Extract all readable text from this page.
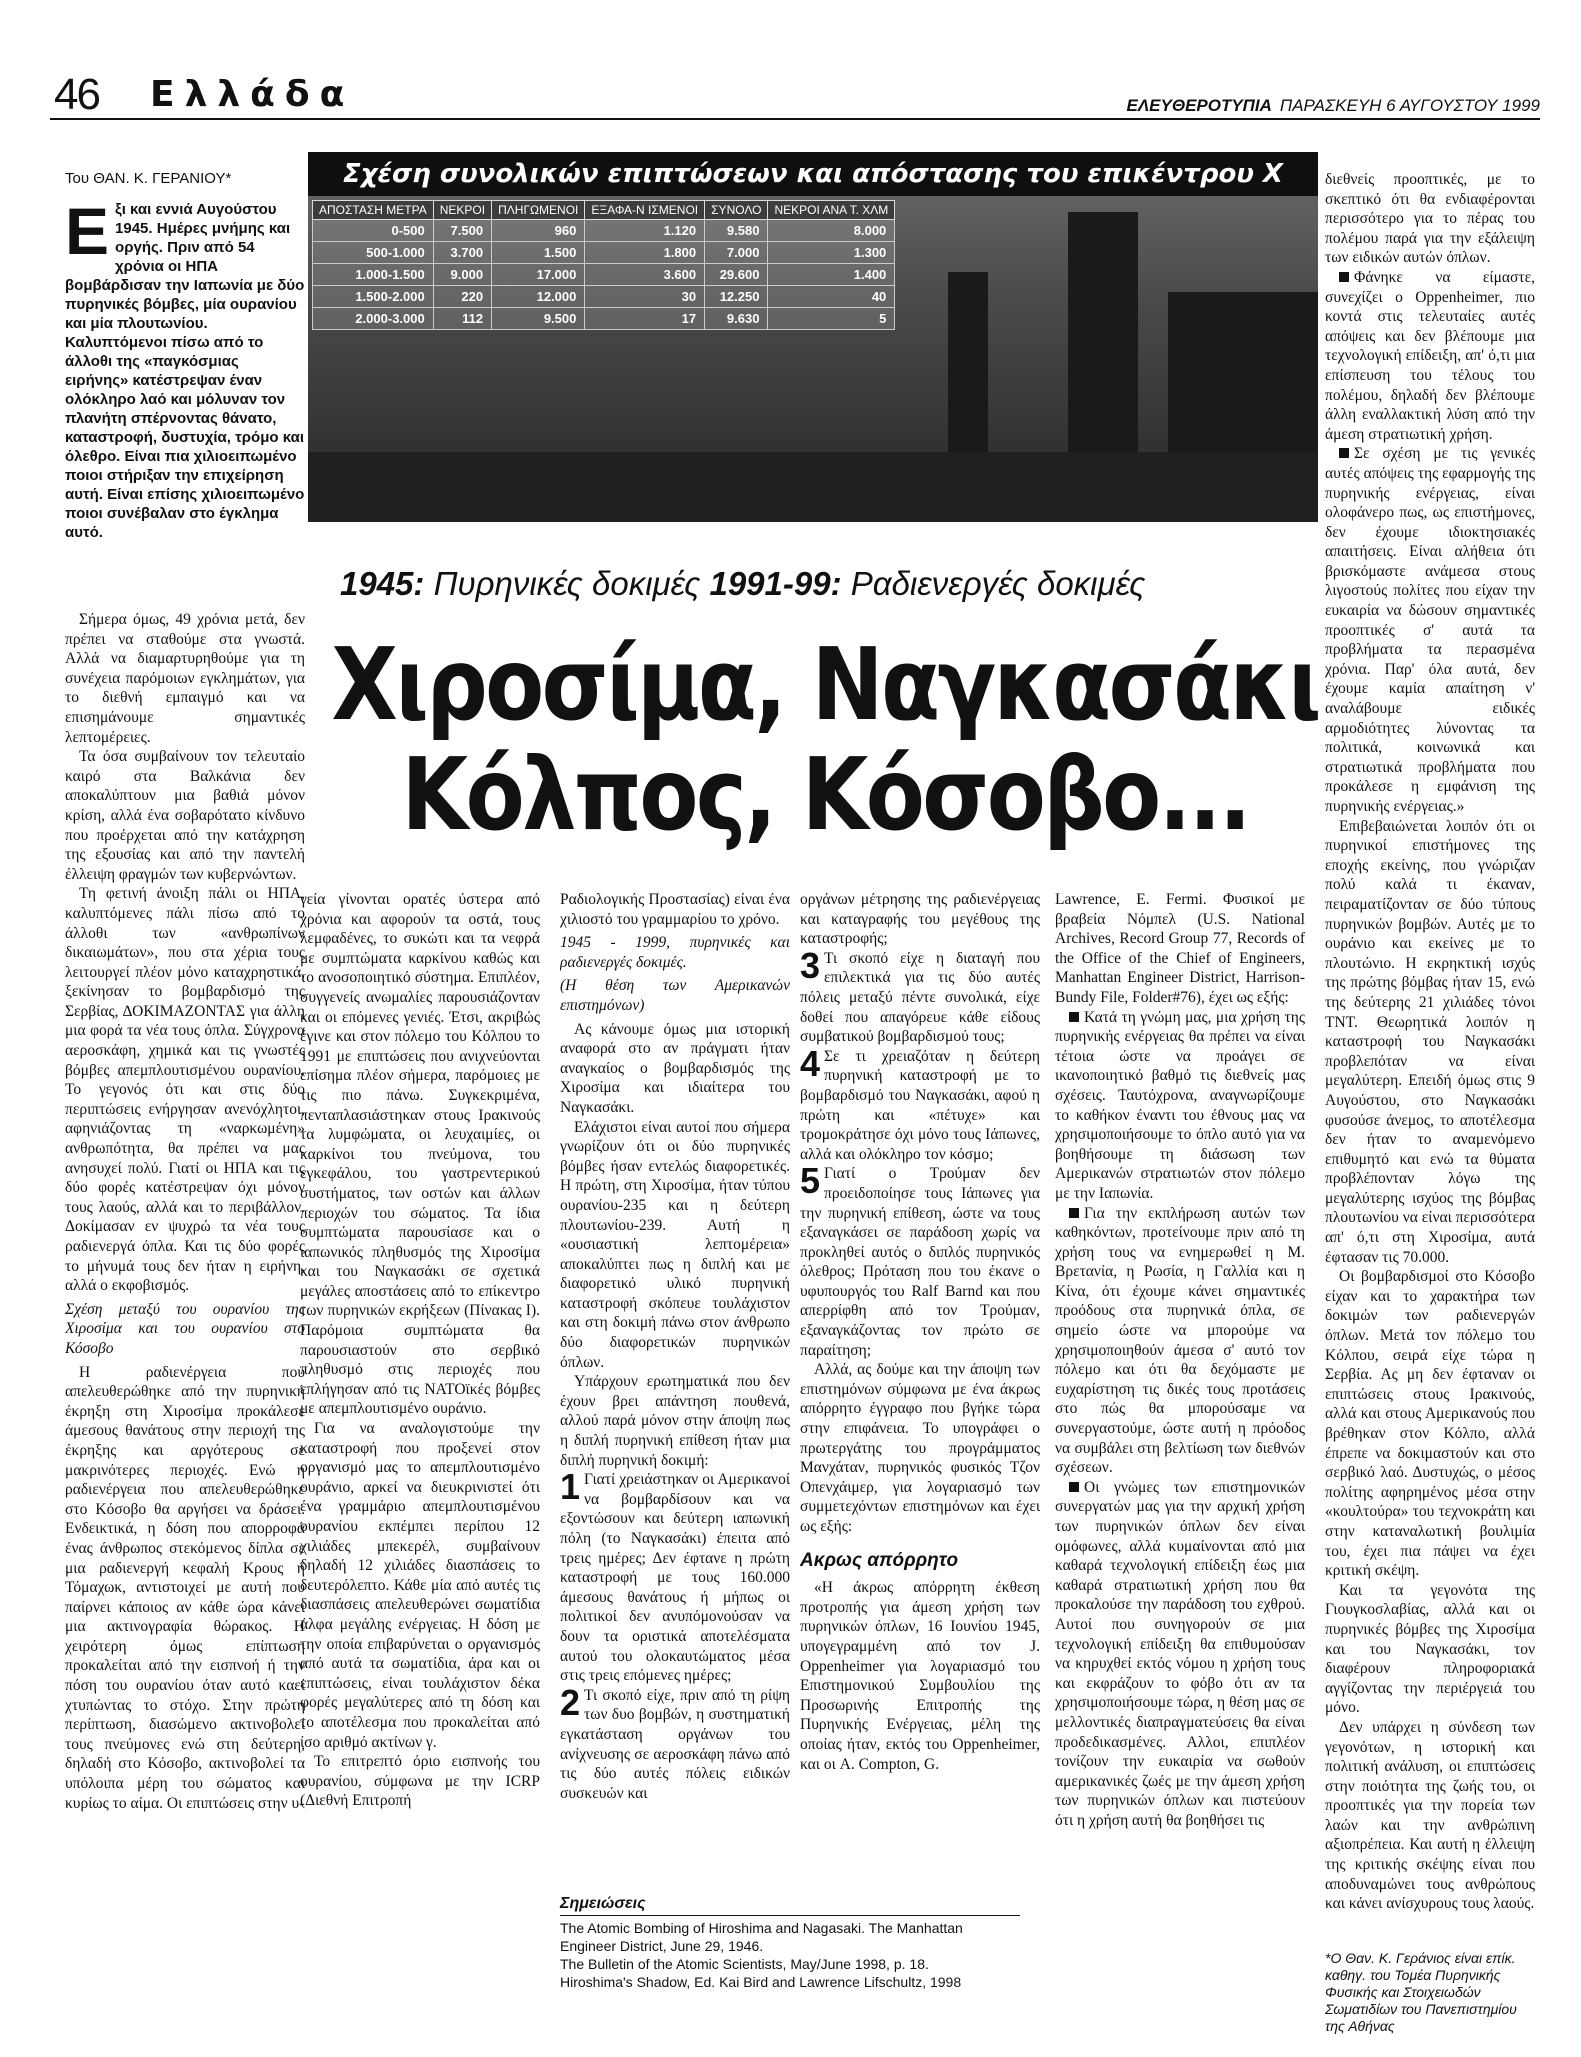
46 Ελλάδα	ΕΛΕΥΘΕΡΟΤΥΠΙΑ ΠΑΡΑΣΚΕΥΗ 6 ΑΥΓΟΥΣΤΟΥ 1999
Του ΘΑΝ. Κ. ΓΕΡΑΝΙΟΥ*
Εξι και εννιά Αυγούστου 1945. Ημέρες μνήμης και οργής. Πριν από 54 χρόνια οι ΗΠΑ βομβάρδισαν την Ιαπωνία με δύο πυρηνικές βόμβες, μία ουρανίου και μία πλουτωνίου. Καλυπτόμενοι πίσω από το άλλοθι της «παγκόσμιας ειρήνης» κατέστρεψαν έναν ολόκληρο λαό και μόλυναν τον πλανήτη σπέρνοντας θάνατο, καταστροφή, δυστυχία, τρόμο και όλεθρο. Είναι πια χιλιοειπωμένο ποιοι στήριξαν την επιχείρηση αυτή. Είναι επίσης χιλιοειπωμένο ποιοι συνέβαλαν στο έγκλημα αυτό.
Σχέση συνολικών επιπτώσεων και απόστασης του επικέντρου Χ
ΑΠΟΣΤΑΣΗ ΜΕΤΡΑ	ΝΕΚΡΟΙ	ΠΛΗΓΩΜΕΝΟΙ	ΕΞΑΦΑ-Ν ΙΣΜΕΝΟΙ	ΣΥΝΟΛΟ	ΝΕΚΡΟΙ ΑΝΑ Τ. ΧΛΜ
0-500	7.500	960	1.120	9.580	8.000
500-1.000	3.700	1.500	1.800	7.000	1.300
1.000-1.500	9.000	17.000	3.600	29.600	1.400
1.500-2.000	220	12.000	30	12.250	40
2.000-3.000	112	9.500	17	9.630	5
1945: Πυρηνικές δοκιμές 1991-99: Ραδιενεργές δοκιμές
Χιροσίμα, Ναγκασάκι
Κόλπος, Κόσοβο...

Σήμερα όμως, 49 χρόνια μετά, δεν πρέπει να σταθούμε στα γνωστά. Αλλά να διαμαρτυρηθούμε για τη συνέχεια παρόμοιων εγκλημάτων, για το διεθνή εμπαιγμό και να επισημάνουμε σημαντικές λεπτομέρειες.

Τα όσα συμβαίνουν τον τελευταίο καιρό στα Βαλκάνια δεν αποκαλύπτουν μια βαθιά μόνον κρίση, αλλά ένα σοβαρότατο κίνδυνο που προέρχεται από την κατάχρηση της εξουσίας και από την παντελή έλλειψη φραγμών των κυβερνώντων.

Τη φετινή άνοιξη πάλι οι ΗΠΑ, καλυπτόμενες πάλι πίσω από το άλλοθι των «ανθρωπίνων δικαιωμάτων», που στα χέρια τους λειτουργεί πλέον μόνο καταχρηστικά, ξεκίνησαν το βομβαρδισμό της Σερβίας, ΔΟΚΙΜΑΖΟΝΤΑΣ για άλλη μια φορά τα νέα τους όπλα. Σύγχρονα αεροσκάφη, χημικά και τις γνωστές βόμβες απεμπλουτισμένου ουρανίου. Το γεγονός ότι και στις δύο περιπτώσεις ενήργησαν ανενόχλητοι, αφηνιάζοντας τη «ναρκωμένη» ανθρωπότητα, θα πρέπει να μας ανησυχεί πολύ. Γιατί οι ΗΠΑ και τις δύο φορές κατέστρεψαν όχι μόνον τους λαούς, αλλά και το περιβάλλον. Δοκίμασαν εν ψυχρώ τα νέα τους ραδιενεργά όπλα. Και τις δύο φορές το μήνυμά τους δεν ήταν η ειρήνη, αλλά ο εκφοβισμός.

Σχέση μεταξύ του ουρανίου της Χιροσίμα και του ουρανίου στο Κόσοβο

Η ραδιενέργεια που απελευθερώθηκε από την πυρηνική έκρηξη στη Χιροσίμα προκάλεσε άμεσους θανάτους στην περιοχή της έκρηξης και αργότερους σε μακρινότερες περιοχές. Ενώ η ραδιενέργεια που απελευθερώθηκε στο Κόσοβο θα αργήσει να δράσει. Ενδεικτικά, η δόση που απορροφά ένας άνθρωπος στεκόμενος δίπλα σε μια ραδιενεργή κεφαλή Κρους ή Τόμαχωκ, αντιστοιχεί με αυτή που παίρνει κάποιος αν κάθε ώρα κάνει μια ακτινογραφία θώρακος. Η χειρότερη όμως επίπτωση προκαλείται από την εισπνοή ή την πόση του ουρανίου όταν αυτό καεί χτυπώντας το στόχο. Στην πρώτη περίπτωση, διασώμενο ακτινοβολεί τους πνεύμονες ενώ στη δεύτερη, δηλαδή στο Κόσοβο, ακτινοβολεί τα υπόλοιπα μέρη του σώματος και κυρίως το αίμα. Οι επιπτώσεις στην υ-

γεία γίνονται ορατές ύστερα από χρόνια και αφορούν τα οστά, τους λεμφαδένες, το συκώτι και τα νεφρά με συμπτώματα καρκίνου καθώς και το ανοσοποιητικό σύστημα. Επιπλέον, συγγενείς ανωμαλίες παρουσιάζονταν και οι επόμενες γενιές. Έτσι, ακριβώς έγινε και στον πόλεμο του Κόλπου το 1991 με επιπτώσεις που ανιχνεύονται επίσημα πλέον σήμερα, παρόμοιες με τις πιο πάνω. Συγκεκριμένα, πενταπλασιάστηκαν στους Ιρακινούς τα λυμφώματα, οι λευχαιμίες, οι καρκίνοι του πνεύμονα, του εγκεφάλου, του γαστρεντερικού συστήματος, των οστών και άλλων περιοχών του σώματος. Τα ίδια συμπτώματα παρουσίασε και ο ιαπωνικός πληθυσμός της Χιροσίμα και του Ναγκασάκι σε σχετικά μεγάλες αποστάσεις από το επίκεντρο των πυρηνικών εκρήξεων (Πίνακας Ι). Παρόμοια συμπτώματα θα παρουσιαστούν στο σερβικό πληθυσμό στις περιοχές που επλήγησαν από τις ΝΑΤΟϊκές βόμβες με απεμπλουτισμένο ουράνιο.

Για να αναλογιστούμε την καταστροφή που προξενεί στον οργανισμό μας το απεμπλουτισμένο ουράνιο, αρκεί να διευκρινιστεί ότι ένα γραμμάριο απεμπλουτισμένου ουρανίου εκπέμπει περίπου 12 χιλιάδες μπεκερέλ, συμβαίνουν δηλαδή 12 χιλιάδες διασπάσεις το δευτερόλεπτο. Κάθε μία από αυτές τις διασπάσεις απελευθερώνει σωματίδια άλφα μεγάλης ενέργειας. Η δόση με την οποία επιβαρύνεται ο οργανισμός από αυτά τα σωματίδια, άρα και οι επιπτώσεις, είναι τουλάχιστον δέκα φορές μεγαλύτερες από τη δόση και το αποτέλεσμα που προκαλείται από ίσο αριθμό ακτίνων γ.

Το επιτρεπτό όριο εισπνοής του ουρανίου, σύμφωνα με την ICRP (Διεθνή Επιτροπή

Ραδιολογικής Προστασίας) είναι ένα χιλιοστό του γραμμαρίου το χρόνο.

1945 - 1999, πυρηνικές και ραδιενεργές δοκιμές.
(Η θέση των Αμερικανών επιστημόνων)

Ας κάνουμε όμως μια ιστορική αναφορά στο αν πράγματι ήταν αναγκαίος ο βομβαρδισμός της Χιροσίμα και ιδιαίτερα του Ναγκασάκι.

Ελάχιστοι είναι αυτοί που σήμερα γνωρίζουν ότι οι δύο πυρηνικές βόμβες ήσαν εντελώς διαφορετικές. Η πρώτη, στη Χιροσίμα, ήταν τύπου ουρανίου-235 και η δεύτερη πλουτωνίου-239. Αυτή η «ουσιαστική λεπτομέρεια» αποκαλύπτει πως η διπλή και με διαφορετικό υλικό πυρηνική καταστροφή σκόπευε τουλάχιστον και στη δοκιμή πάνω στον άνθρωπο δύο διαφορετικών πυρηνικών όπλων.

Υπάρχουν ερωτηματικά που δεν έχουν βρει απάντηση πουθενά, αλλού παρά μόνον στην άποψη πως η διπλή πυρηνική επίθεση ήταν μια διπλή πυρηνική δοκιμή:

1 Γιατί χρειάστηκαν οι Αμερικανοί να βομβαρδίσουν και να εξοντώσουν και δεύτερη ιαπωνική πόλη (το Ναγκασάκι) έπειτα από τρεις ημέρες; Δεν έφτανε η πρώτη καταστροφή με τους 160.000 άμεσους θανάτους ή μήπως οι πολιτικοί δεν ανυπόμονούσαν να δουν τα οριστικά αποτελέσματα αυτού του ολοκαυτώματος μέσα στις τρεις επόμενες ημέρες;

2 Τι σκοπό είχε, πριν από τη ρίψη των δυο βομβών, η συστηματική εγκατάσταση οργάνων του ανίχνευσης σε αεροσκάφη πάνω από τις δύο αυτές πόλεις ειδικών συσκευών και

οργάνων μέτρησης της ραδιενέργειας και καταγραφής του μεγέθους της καταστροφής;

3 Τι σκοπό είχε η διαταγή που επιλεκτικά για τις δύο αυτές πόλεις μεταξύ πέντε συνολικά, είχε δοθεί που απαγόρευε κάθε είδους συμβατικού βομβαρδισμού τους;

4 Σε τι χρειαζόταν η δεύτερη πυρηνική καταστροφή με το βομβαρδισμό του Ναγκασάκι, αφού η πρώτη και «πέτυχε» και τρομοκράτησε όχι μόνο τους Ιάπωνες, αλλά και ολόκληρο τον κόσμο;

5 Γιατί ο Τρούμαν δεν προειδοποίησε τους Ιάπωνες για την πυρηνική επίθεση, ώστε να τους εξαναγκάσει σε παράδοση χωρίς να προκληθεί αυτός ο διπλός πυρηνικός όλεθρος; Πρόταση που του έκανε ο υφυπουργός του Ralf Barnd και που απερρίφθη από τον Τρούμαν, εξαναγκάζοντας τον πρώτο σε παραίτηση;

Αλλά, ας δούμε και την άποψη των επιστημόνων σύμφωνα με ένα άκρως απόρρητο έγγραφο που βγήκε τώρα στην επιφάνεια. Το υπογράφει ο πρωτεργάτης του προγράμματος Μανχάταν, πυρηνικός φυσικός Τζον Οπενχάιμερ, για λογαριασμό των συμμετεχόντων επιστημόνων και έχει ως εξής:

Ακρως απόρρητο

«Η άκρως απόρρητη έκθεση προτροπής για άμεση χρήση των πυρηνικών όπλων, 16 Ιουνίου 1945, υπογεγραμμένη από τον J. Oppenheimer για λογαριασμό του Επιστημονικού Συμβουλίου της Προσωρινής Επιτροπής της Πυρηνικής Ενέργειας, μέλη της οποίας ήταν, εκτός του Oppenheimer, και οι A. Compton, G.

Lawrence, E. Fermi. Φυσικοί με βραβεία Νόμπελ (U.S. National Archives, Record Group 77, Records of the Office of the Chief of Engineers, Manhattan Engineer District, Harrison-Bundy File, Folder#76), έχει ως εξής:

Κατά τη γνώμη μας, μια χρήση της πυρηνικής ενέργειας θα πρέπει να είναι τέτοια ώστε να προάγει σε ικανοποιητικό βαθμό τις διεθνείς μας σχέσεις. Ταυτόχρονα, αναγνωρίζουμε το καθήκον έναντι του έθνους μας να χρησιμοποιήσουμε το όπλο αυτό για να βοηθήσουμε τη διάσωση των Αμερικανών στρατιωτών στον πόλεμο με την Ιαπωνία.

Για την εκπλήρωση αυτών των καθηκόντων, προτείνουμε πριν από τη χρήση τους να ενημερωθεί η Μ. Βρετανία, η Ρωσία, η Γαλλία και η Κίνα, ότι έχουμε κάνει σημαντικές προόδους στα πυρηνικά όπλα, σε σημείο ώστε να μπορούμε να χρησιμοποιηθούν άμεσα σ' αυτό τον πόλεμο και ότι θα δεχόμαστε με ευχαρίστηση τις δικές τους προτάσεις στο πώς θα μπορούσαμε να συνεργαστούμε, ώστε αυτή η πρόοδος να συμβάλει στη βελτίωση των διεθνών σχέσεων.

Οι γνώμες των επιστημονικών συνεργατών μας για την αρχική χρήση των πυρηνικών όπλων δεν είναι ομόφωνες, αλλά κυμαίνονται από μια καθαρά τεχνολογική επίδειξη έως μια καθαρά στρατιωτική χρήση που θα προκαλούσε την παράδοση του εχθρού. Αυτοί που συνηγορούν σε μια τεχνολογική επίδειξη θα επιθυμούσαν να κηρυχθεί εκτός νόμου η χρήση τους και εκφράζουν το φόβο ότι αν τα χρησιμοποιήσουμε τώρα, η θέση μας σε μελλοντικές διαπραγματεύσεις θα είναι προδεδικασμένες. Αλλοι, επιπλέον τονίζουν την ευκαιρία να σωθούν αμερικανικές ζωές με την άμεση χρήση των πυρηνικών όπλων και πιστεύουν ότι η χρήση αυτή θα βοηθήσει τις

διεθνείς προοπτικές, με το σκεπτικό ότι θα ενδιαφέρονται περισσότερο για το πέρας του πολέμου παρά για την εξάλειψη των ειδικών αυτών όπλων.

Φάνηκε να είμαστε, συνεχίζει ο Oppenheimer, πιο κοντά στις τελευταίες αυτές απόψεις και δεν βλέπουμε μια τεχνολογική επίδειξη, απ' ό,τι μια επίσπευση του τέλους του πολέμου, δηλαδή δεν βλέπουμε άλλη εναλλακτική λύση από την άμεση στρατιωτική χρήση.

Σε σχέση με τις γενικές αυτές απόψεις της εφαρμογής της πυρηνικής ενέργειας, είναι ολοφάνερο πως, ως επιστήμονες, δεν έχουμε ιδιοκτησιακές απαιτήσεις. Είναι αλήθεια ότι βρισκόμαστε ανάμεσα στους λιγοστούς πολίτες που είχαν την ευκαιρία να δώσουν σημαντικές προοπτικές σ' αυτά τα προβλήματα τα περασμένα χρόνια. Παρ' όλα αυτά, δεν έχουμε καμία απαίτηση ν' αναλάβουμε ειδικές αρμοδιότητες λύνοντας τα πολιτικά, κοινωνικά και στρατιωτικά προβλήματα που προκάλεσε η εμφάνιση της πυρηνικής ενέργειας.»

Επιβεβαιώνεται λοιπόν ότι οι πυρηνικοί επιστήμονες της εποχής εκείνης, που γνώριζαν πολύ καλά τι έκαναν, πειραματίζονταν σε δύο τύπους πυρηνικών βομβών. Αυτές με το ουράνιο και εκείνες με το πλουτώνιο. Η εκρηκτική ισχύς της πρώτης βόμβας ήταν 15, ενώ της δεύτερης 21 χιλιάδες τόνοι TNT. Θεωρητικά λοιπόν η καταστροφή του Ναγκασάκι προβλεπόταν να είναι μεγαλύτερη. Επειδή όμως στις 9 Αυγούστου, στο Ναγκασάκι φυσούσε άνεμος, το αποτέλεσμα δεν ήταν το αναμενόμενο επιθυμητό και ενώ τα θύματα προβλέπονταν λόγω της μεγαλύτερης ισχύος της βόμβας πλουτωνίου να είναι περισσότερα απ' ό,τι στη Χιροσίμα, αυτά έφτασαν τις 70.000.

Οι βομβαρδισμοί στο Κόσοβο είχαν και το χαρακτήρα των δοκιμών των ραδιενεργών όπλων. Μετά τον πόλεμο του Κόλπου, σειρά είχε τώρα η Σερβία. Ας μη δεν έφταναν οι επιπτώσεις στους Ιρακινούς, αλλά και στους Αμερικανούς που βρέθηκαν στον Κόλπο, αλλά έπρεπε να δοκιμαστούν και στο σερβικό λαό. Δυστυχώς, ο μέσος πολίτης αφηρημένος μέσα στην «κουλτούρα» του τεχνοκράτη και στην καταναλωτική βουλιμία του, έχει πια πάψει να έχει κριτική σκέψη.

Και τα γεγονότα της Γιουγκοσλαβίας, αλλά και οι πυρηνικές βόμβες της Χιροσίμα και του Ναγκασάκι, τον διαφέρουν πληροφοριακά αγγίζοντας την περιέργειά του μόνο.

Δεν υπάρχει η σύνδεση των γεγονότων, η ιστορική και πολιτική ανάλυση, οι επιπτώσεις στην ποιότητα της ζωής του, οι προοπτικές για την πορεία των λαών και την ανθρώπινη αξιοπρέπεια. Και αυτή η έλλειψη της κριτικής σκέψης είναι που αποδυναμώνει τους ανθρώπους και κάνει ανίσχυρους τους λαούς.

Σημειώσεις
The Atomic Bombing of Hiroshima and Nagasaki. The Manhattan Engineer District, June 29, 1946.
The Bulletin of the Atomic Scientists, May/June 1998, p. 18.
Hiroshima's Shadow, Ed. Kai Bird and Lawrence Lifschultz, 1998
*Ο Θαν. Κ. Γεράνιος είναι επίκ. καθηγ. του Τομέα Πυρηνικής Φυσικής και Στοιχειωδών Σωματιδίων του Πανεπιστημίου της Αθήνας
